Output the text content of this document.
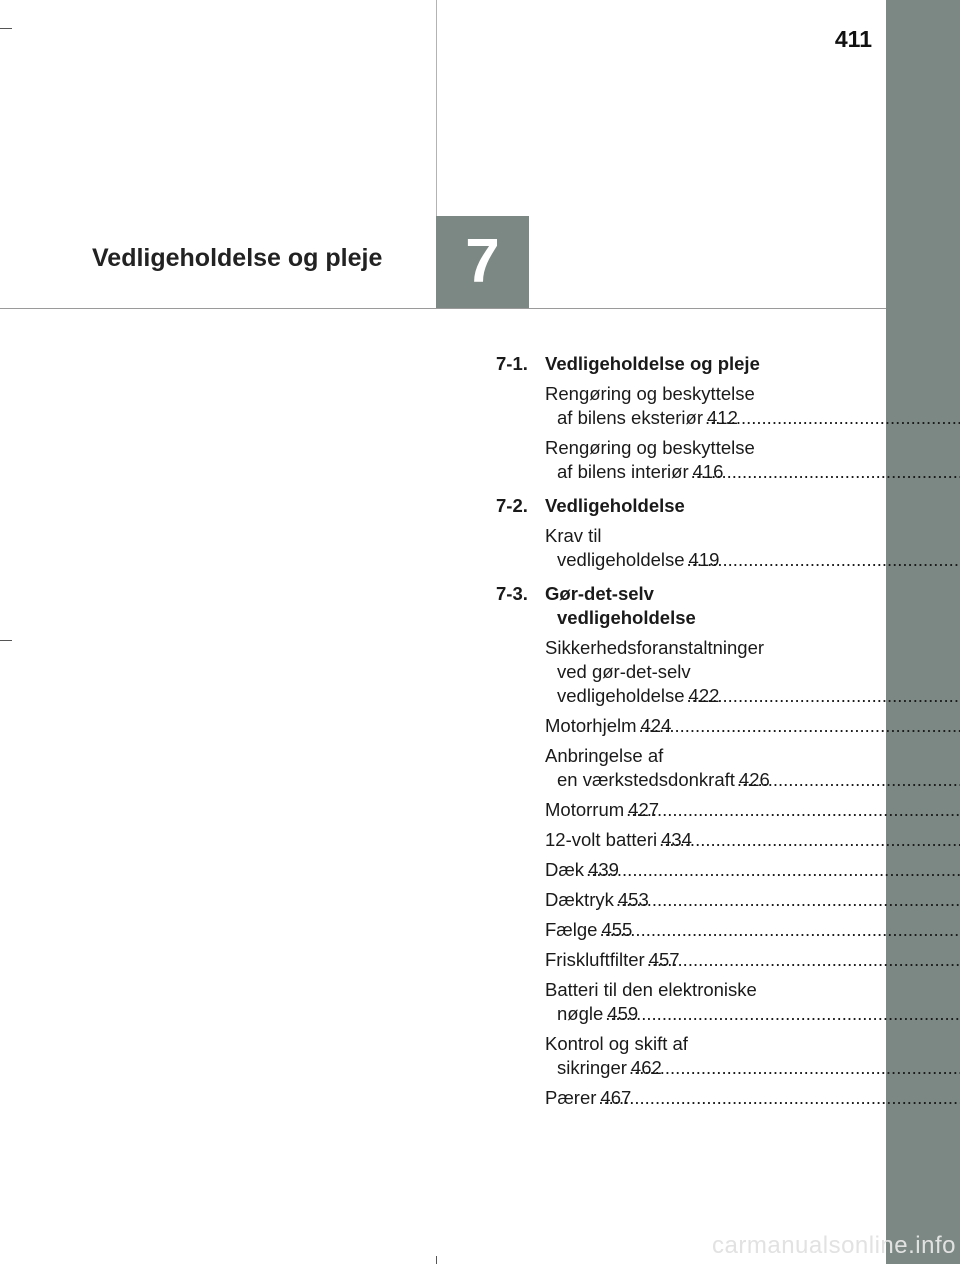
411
Vedligeholdelse og pleje	7
7-1. Vedligeholdelse og pleje
Rengøring og beskyttelse
af bilens eksteriør ..... 412
Rengøring og beskyttelse
af bilens interiør ..... 416
7-2. Vedligeholdelse
Krav til
vedligeholdelse ..... 419
7-3. Gør-det-selv
vedligeholdelse
Sikkerhedsforanstaltninger
ved gør-det-selv
vedligeholdelse ..... 422
Motorhjelm ..... 424
Anbringelse af
en værkstedsdonkraft ..... 426
Motorrum ..... 427
12-volt batteri ..... 434
Dæk ..... 439
Dæktryk ..... 453
Fælge ..... 455
Friskluftfilter ..... 457
Batteri til den elektroniske
nøgle ..... 459
Kontrol og skift af
sikringer ..... 462
Pærer ..... 467
carmanualsonline.info
